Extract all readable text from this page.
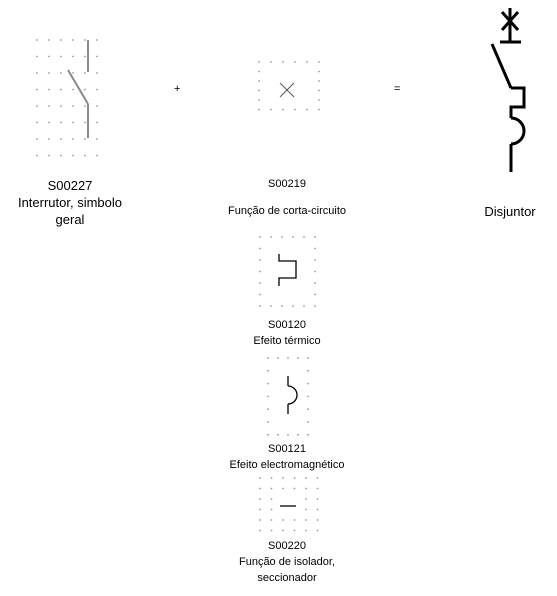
+	=
S00227
Interrutor, simbolo geral
S00219
Função de corta-circuito	Disjuntor
S00120
Efeito térmico
S00121
Efeito electromagnético
S00220
Função de isolador, seccionador
